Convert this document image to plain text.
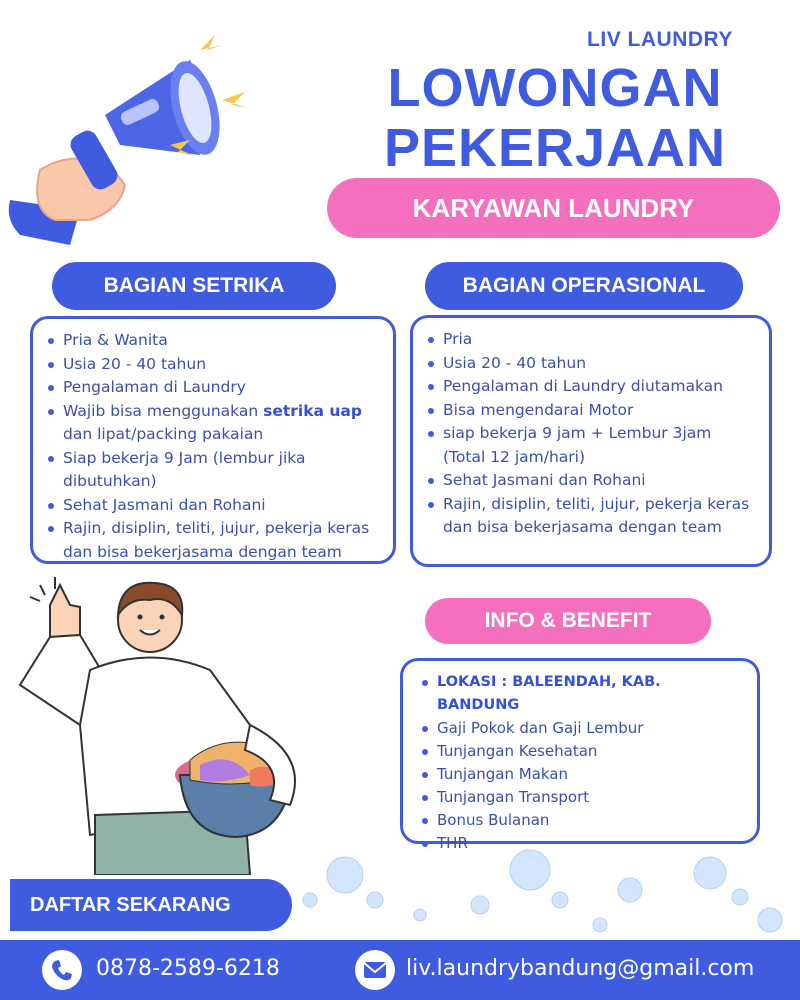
LIV LAUNDRY
LOWONGAN
PEKERJAAN
KARYAWAN LAUNDRY
BAGIAN SETRIKA
Pria & Wanita
Usia 20 - 40 tahun
Pengalaman di Laundry
Wajib bisa menggunakan setrika uap dan lipat/packing pakaian
Siap bekerja 9 Jam (lembur jika dibutuhkan)
Sehat Jasmani dan Rohani
Rajin, disiplin, teliti, jujur, pekerja keras dan bisa bekerjasama dengan team
BAGIAN OPERASIONAL
Pria
Usia 20 - 40 tahun
Pengalaman di Laundry diutamakan
Bisa mengendarai Motor
siap bekerja 9 jam + Lembur 3jam (Total 12 jam/hari)
Sehat Jasmani dan Rohani
Rajin, disiplin, teliti, jujur, pekerja keras dan bisa bekerjasama dengan team
INFO & BENEFIT
LOKASI : BALEENDAH, KAB. BANDUNG
Gaji Pokok dan Gaji Lembur
Tunjangan Kesehatan
Tunjangan Makan
Tunjangan Transport
Bonus Bulanan
THR
DAFTAR SEKARANG
0878-2589-6218	liv.laundrybandung@gmail.com
